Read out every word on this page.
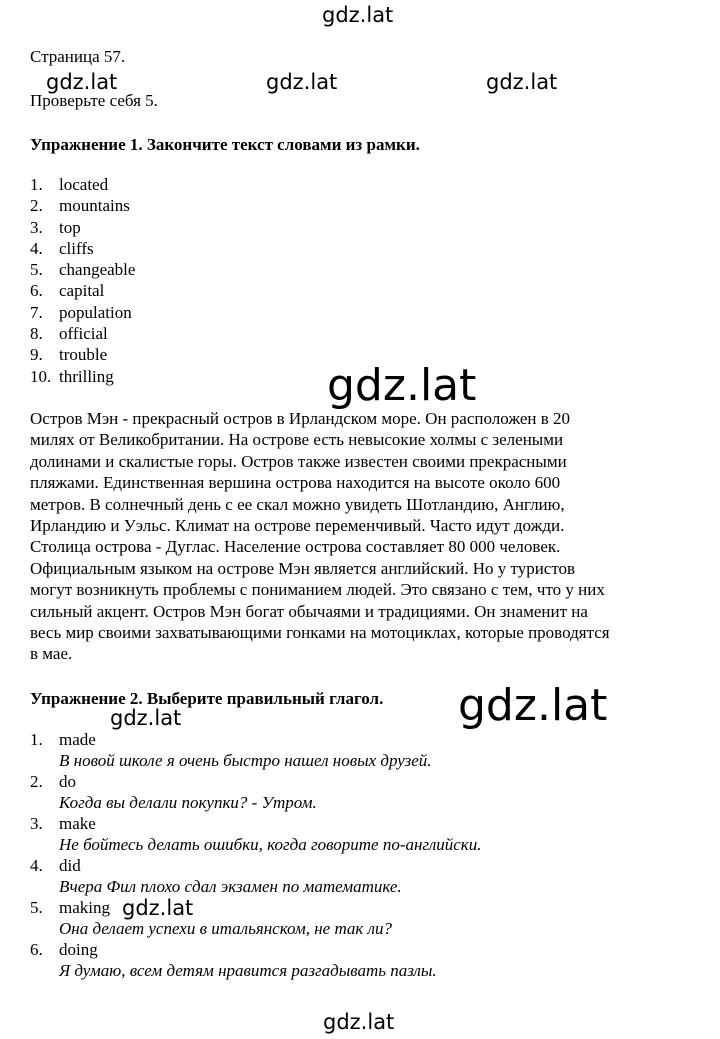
gdz.lat
Страница 57.
gdz.lat	gdz.lat	gdz.lat
Проверьте себя 5.
Упражнение 1. Закончите текст словами из рамки.
1. located
2. mountains
3. top
4. cliffs
5. changeable
6. capital
7. population
8. official
9. trouble
10. thrilling	gdz.lat

Остров Мэн - прекрасный остров в Ирландском море. Он расположен в 20

милях от Великобритании. На острове есть невысокие холмы с зелеными

долинами и скалистые горы. Остров также известен своими прекрасными

пляжами. Единственная вершина острова находится на высоте около 600

метров. В солнечный день с ее скал можно увидеть Шотландию, Англию,

Ирландию и Уэльс. Климат на острове переменчивый. Часто идут дожди.

Столица острова - Дуглас. Население острова составляет 80 000 человек.

Официальным языком на острове Мэн является английский. Но у туристов

могут возникнуть проблемы с пониманием людей. Это связано с тем, что у них

сильный акцент. Остров Мэн богат обычаями и традициями. Он знаменит на

весь мир своими захватывающими гонками на мотоциклах, которые проводятся

в мае.

Упражнение 2. Выберите правильный глагол. gdz.lat
gdz.lat
1. made
В новой школе я очень быстро нашел новых друзей.
2. do
Когда вы делали покупки? - Утром.
3. make
Не бойтесь делать ошибки, когда говорите по-английски.
4. did
Вчера Фил плохо сдал экзамен по математике.
5. making
Она делает успехи в итальянском, не так ли?
6. doing
Я думаю, всем детям нравится разгадывать пазлы.
gdz.lat
gdz.lat
